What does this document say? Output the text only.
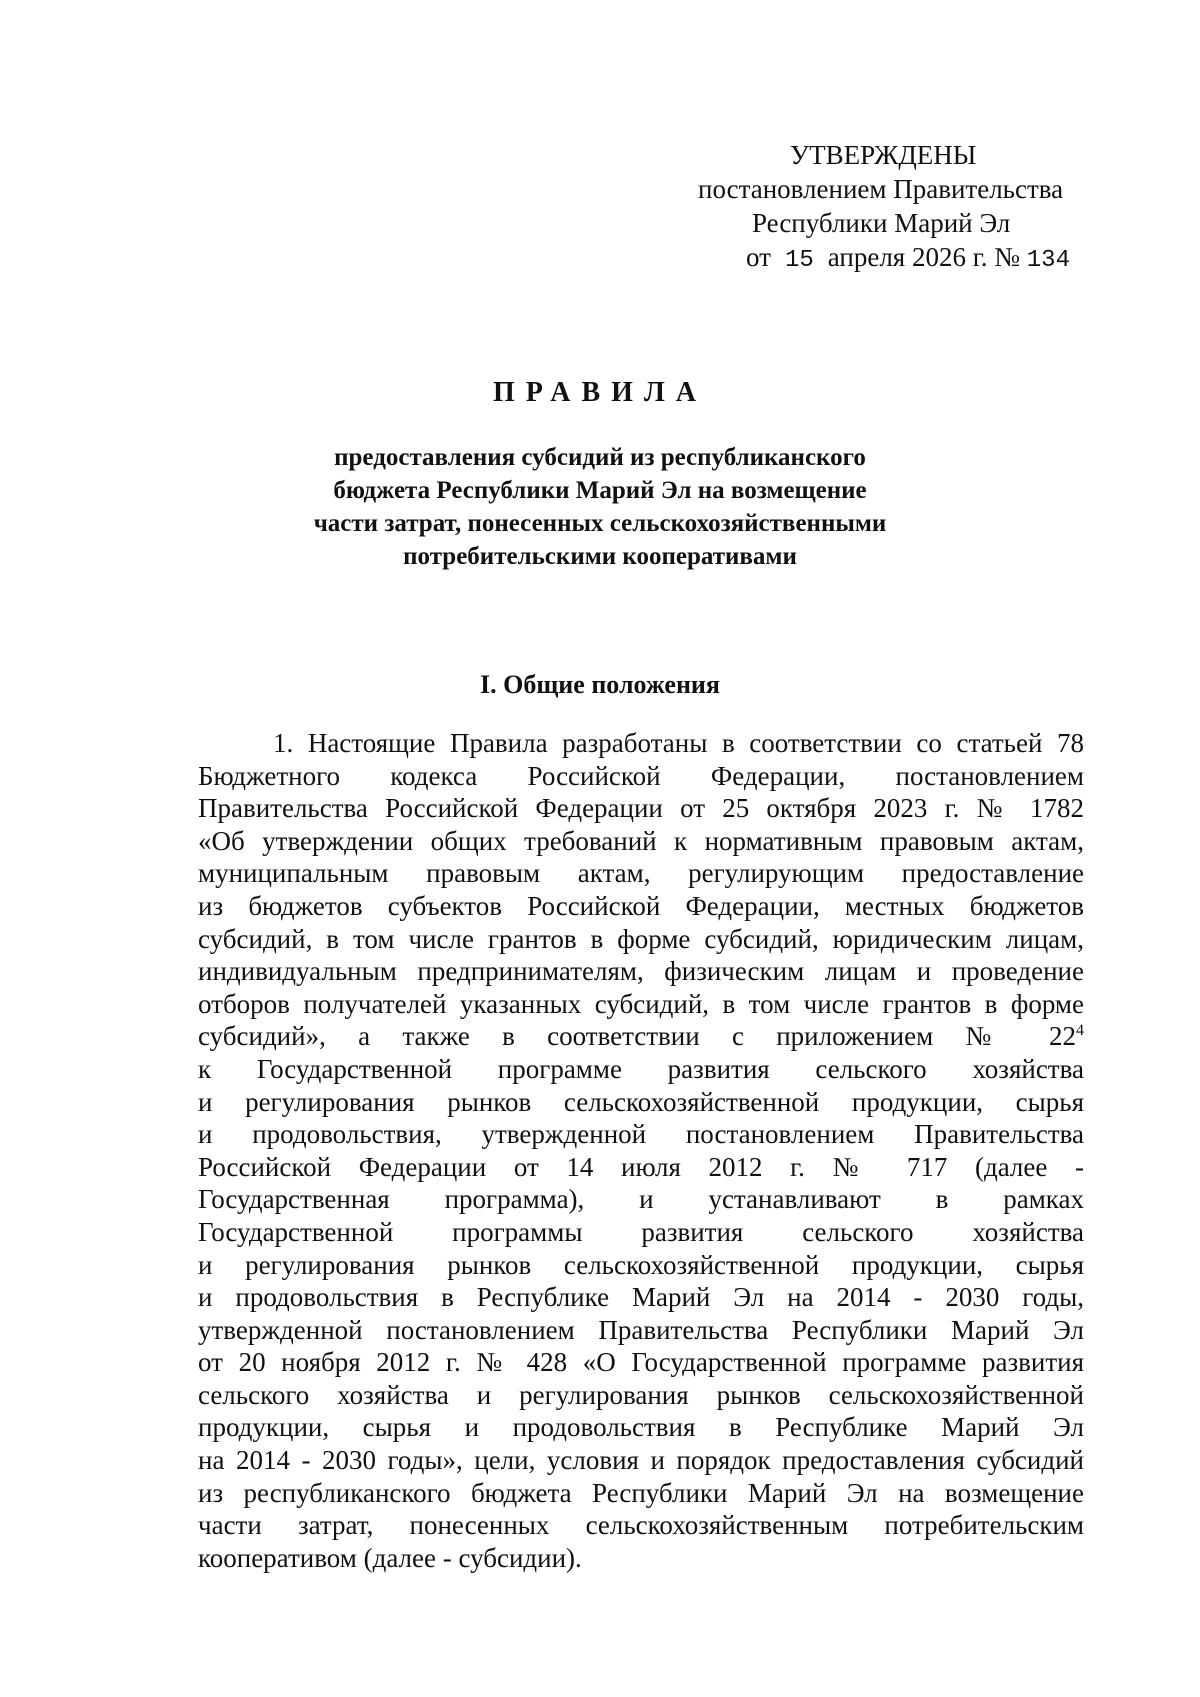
УТВЕРЖДЕНЫ
постановлением Правительства
Республики Марий Эл
от 15 апреля 2026 г. № 134
ПРАВИЛА
предоставления субсидий из республиканского
бюджета Республики Марий Эл на возмещение
части затрат, понесенных сельскохозяйственными
потребительскими кооперативами
I. Общие положения
1. Настоящие Правила разработаны в соответствии со статьей 78
Бюджетного кодекса Российской Федерации, постановлением
Правительства Российской Федерации от 25 октября 2023 г. № 1782
«Об утверждении общих требований к нормативным правовым актам,
муниципальным правовым актам, регулирующим предоставление
из бюджетов субъектов Российской Федерации, местных бюджетов
субсидий, в том числе грантов в форме субсидий, юридическим лицам,
индивидуальным предпринимателям, физическим лицам и проведение
отборов получателей указанных субсидий, в том числе грантов в форме
субсидий», а также в соответствии с приложением № $22^4$
к Государственной программе развития сельского хозяйства
и регулирования рынков сельскохозяйственной продукции, сырья
и продовольствия, утвержденной постановлением Правительства
Российской Федерации от 14 июля 2012 г. № 717 (далее -
Государственная программа), и устанавливают в рамках
Государственной программы развития сельского хозяйства
и регулирования рынков сельскохозяйственной продукции, сырья
и продовольствия в Республике Марий Эл на 2014 - 2030 годы,
утвержденной постановлением Правительства Республики Марий Эл
от 20 ноября 2012 г. № 428 «О Государственной программе развития
сельского хозяйства и регулирования рынков сельскохозяйственной
продукции, сырья и продовольствия в Республике Марий Эл
на 2014 - 2030 годы», цели, условия и порядок предоставления субсидий
из республиканского бюджета Республики Марий Эл на возмещение
части затрат, понесенных сельскохозяйственным потребительским
кооперативом (далее - субсидии).
